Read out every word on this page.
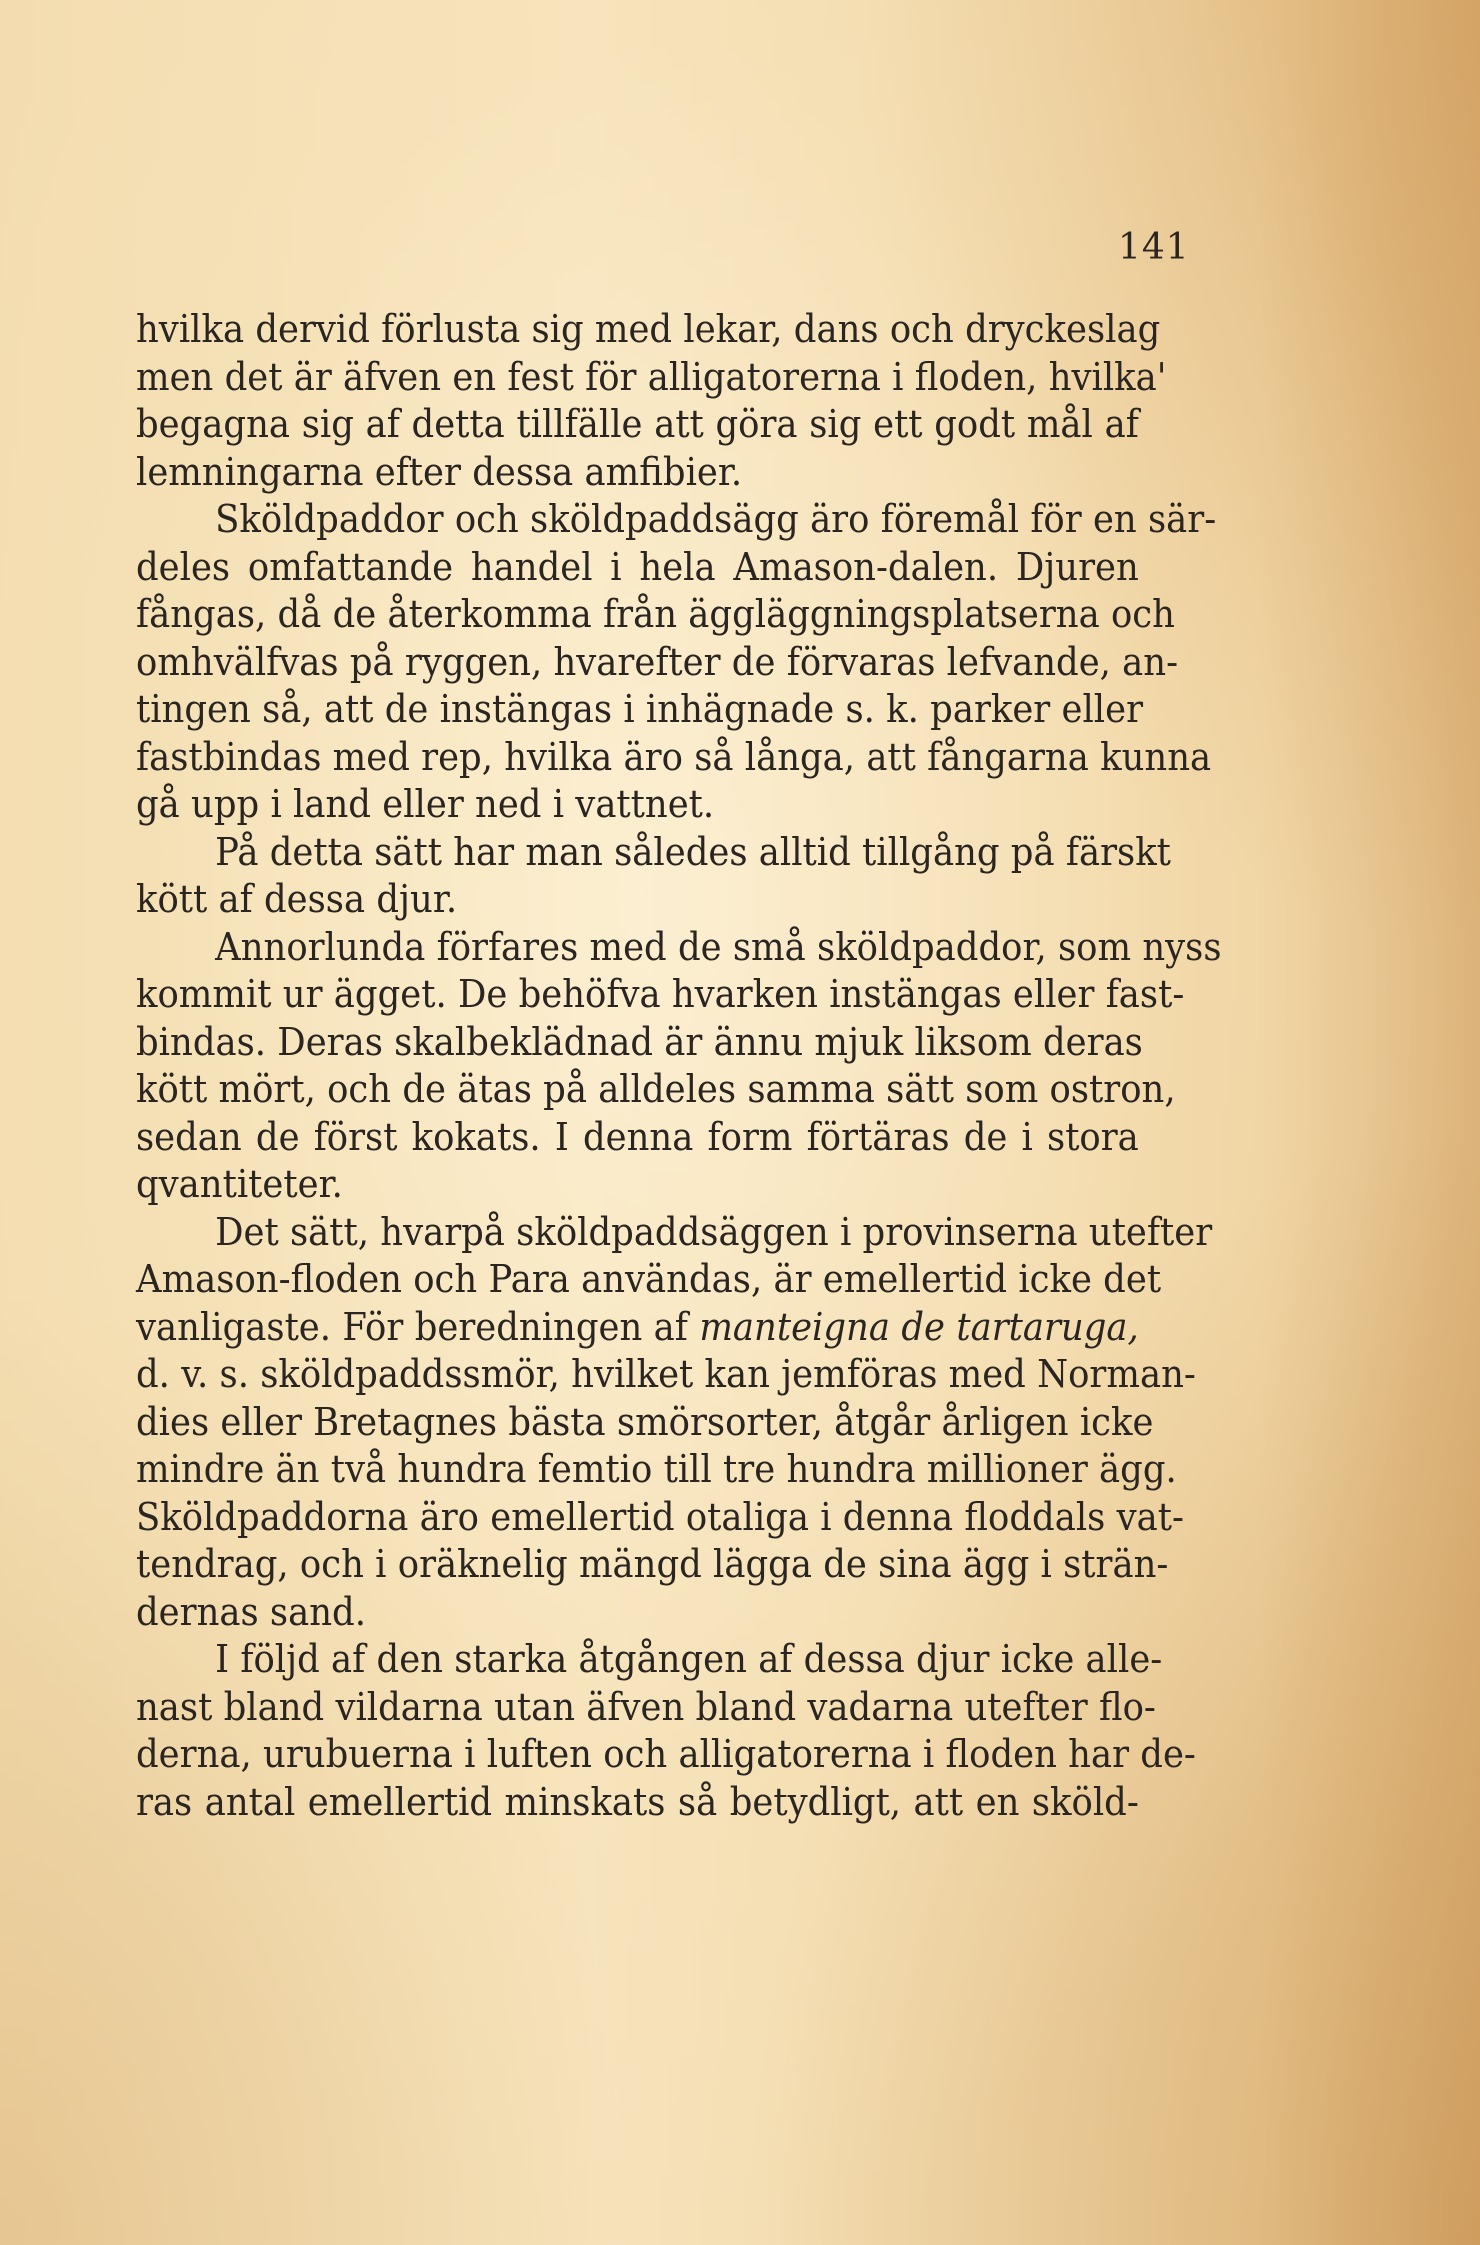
141
hvilka dervid förlusta sig med lekar, dans och dryckeslag
men det är äfven en fest för alligatorerna i floden, hvilka'
begagna sig af detta tillfälle att göra sig ett godt mål af
lemningarna efter dessa amfibier.
Sköldpaddor och sköldpaddsägg äro föremål för en sär-
deles omfattande handel i hela Amason-dalen. Djuren
fångas, då de återkomma från äggläggningsplatserna och
omhvälfvas på ryggen, hvarefter de förvaras lefvande, an-
tingen så, att de instängas i inhägnade s. k. parker eller
fastbindas med rep, hvilka äro så långa, att fångarna kunna
gå upp i land eller ned i vattnet.
På detta sätt har man således alltid tillgång på färskt
kött af dessa djur.
Annorlunda förfares med de små sköldpaddor, som nyss
kommit ur ägget. De behöfva hvarken instängas eller fast-
bindas. Deras skalbeklädnad är ännu mjuk liksom deras
kött mört, och de ätas på alldeles samma sätt som ostron,
sedan de först kokats. I denna form förtäras de i stora
qvantiteter.
Det sätt, hvarpå sköldpaddsäggen i provinserna utefter
Amason-floden och Para användas, är emellertid icke det
vanligaste. För beredningen af manteigna de tartaruga,
d. v. s. sköldpaddssmör, hvilket kan jemföras med Norman-
dies eller Bretagnes bästa smörsorter, åtgår årligen icke
mindre än två hundra femtio till tre hundra millioner ägg.
Sköldpaddorna äro emellertid otaliga i denna floddals vat-
tendrag, och i oräknelig mängd lägga de sina ägg i strän-
dernas sand.
I följd af den starka åtgången af dessa djur icke alle-
nast bland vildarna utan äfven bland vadarna utefter flo-
derna, urubuerna i luften och alligatorerna i floden har de-
ras antal emellertid minskats så betydligt, att en sköld-
